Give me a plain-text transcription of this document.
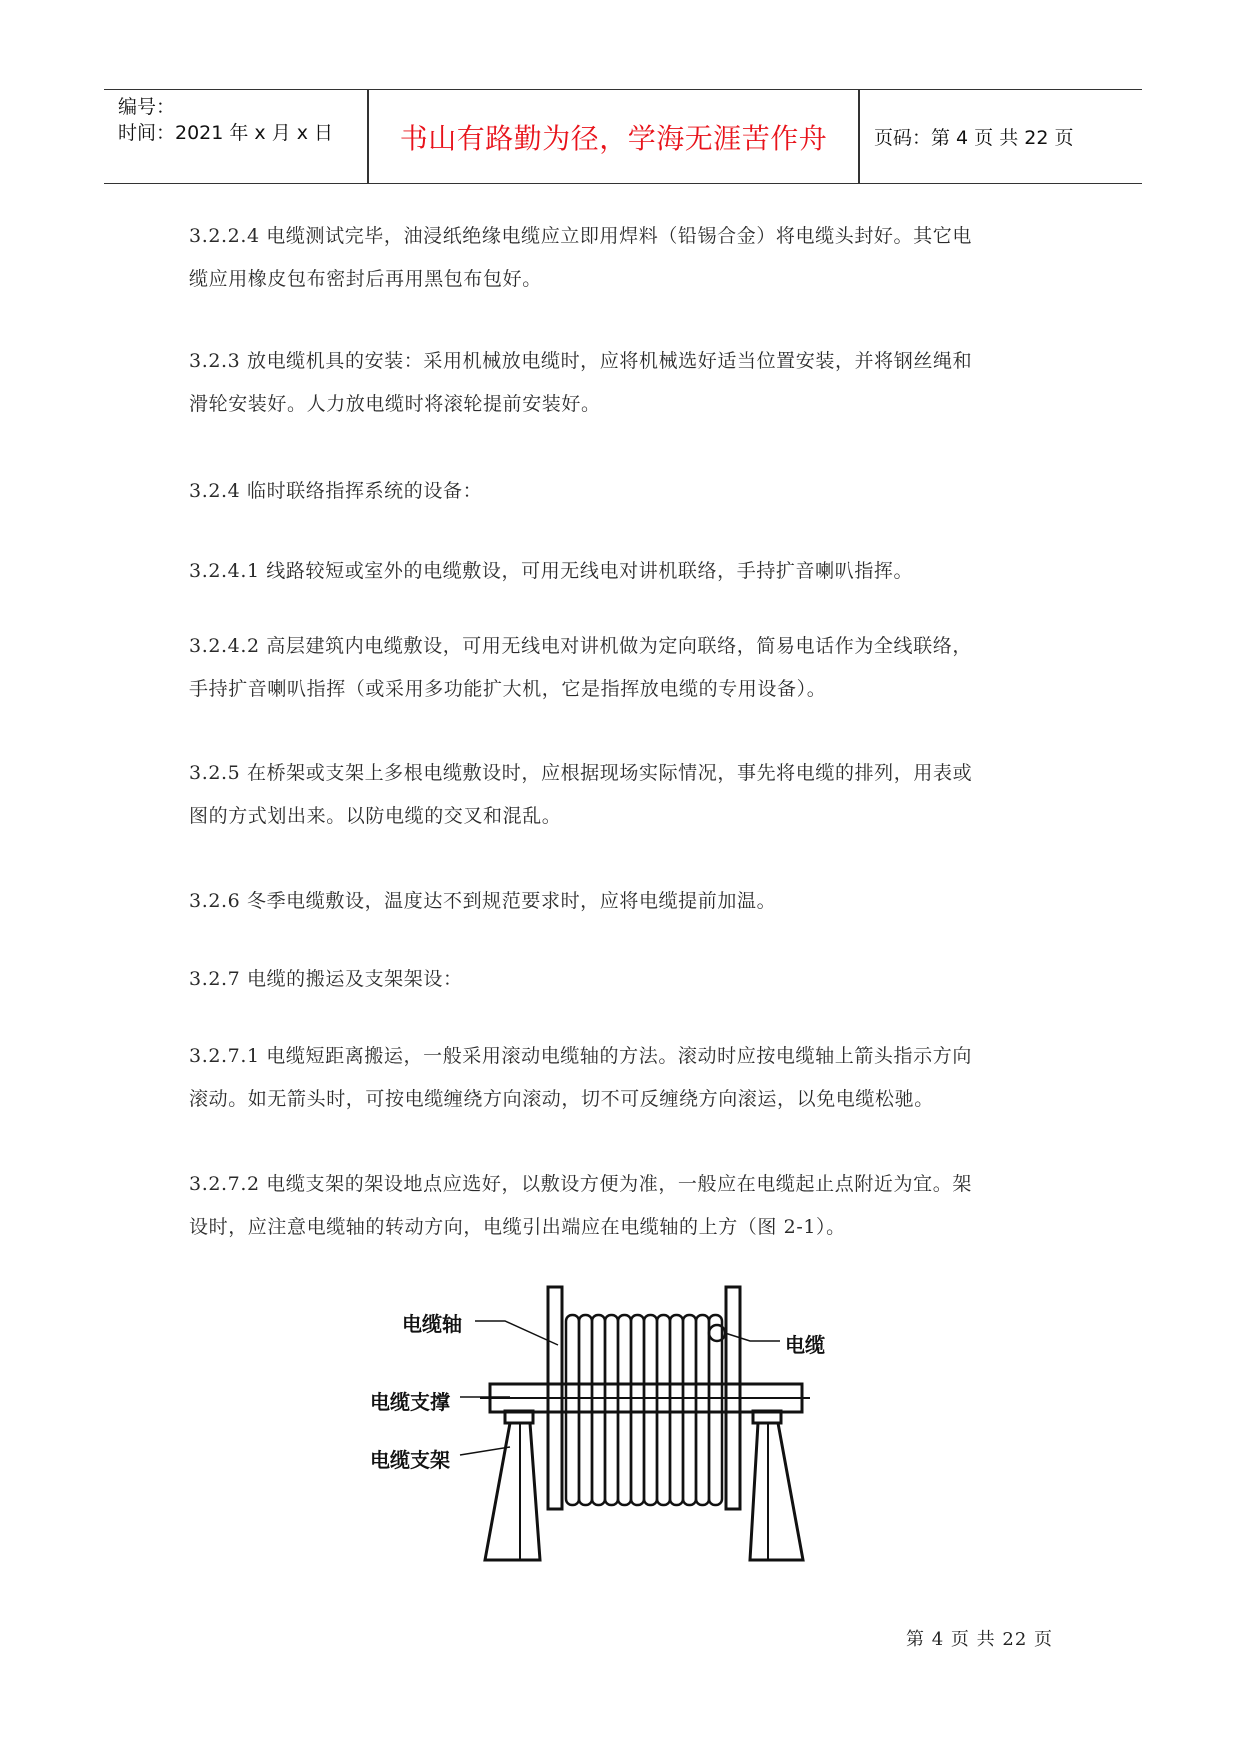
编号：
时间：2021 年 x 月 x 日	书山有路勤为径，学海无涯苦作舟	页码：第 4 页 共 22 页
3.2.2.4 电缆测试完毕，油浸纸绝缘电缆应立即用焊料（铅锡合金）将电缆头封好。其它电
缆应用橡皮包布密封后再用黑包布包好。
3.2.3 放电缆机具的安装：采用机械放电缆时，应将机械选好适当位置安装，并将钢丝绳和
滑轮安装好。人力放电缆时将滚轮提前安装好。
3.2.4 临时联络指挥系统的设备：
3.2.4.1 线路较短或室外的电缆敷设，可用无线电对讲机联络，手持扩音喇叭指挥。
3.2.4.2 高层建筑内电缆敷设，可用无线电对讲机做为定向联络，简易电话作为全线联络，
手持扩音喇叭指挥（或采用多功能扩大机，它是指挥放电缆的专用设备）。
3.2.5 在桥架或支架上多根电缆敷设时，应根据现场实际情况，事先将电缆的排列，用表或
图的方式划出来。以防电缆的交叉和混乱。
3.2.6 冬季电缆敷设，温度达不到规范要求时，应将电缆提前加温。
3.2.7 电缆的搬运及支架架设：
3.2.7.1 电缆短距离搬运，一般采用滚动电缆轴的方法。滚动时应按电缆轴上箭头指示方向
滚动。如无箭头时，可按电缆缠绕方向滚动，切不可反缠绕方向滚运，以免电缆松驰。
3.2.7.2 电缆支架的架设地点应选好，以敷设方便为准，一般应在电缆起止点附近为宜。架
设时，应注意电缆轴的转动方向，电缆引出端应在电缆轴的上方（图 2-1）。
电缆轴
电缆
电缆支撑
电缆支架
第 4 页 共 22 页
